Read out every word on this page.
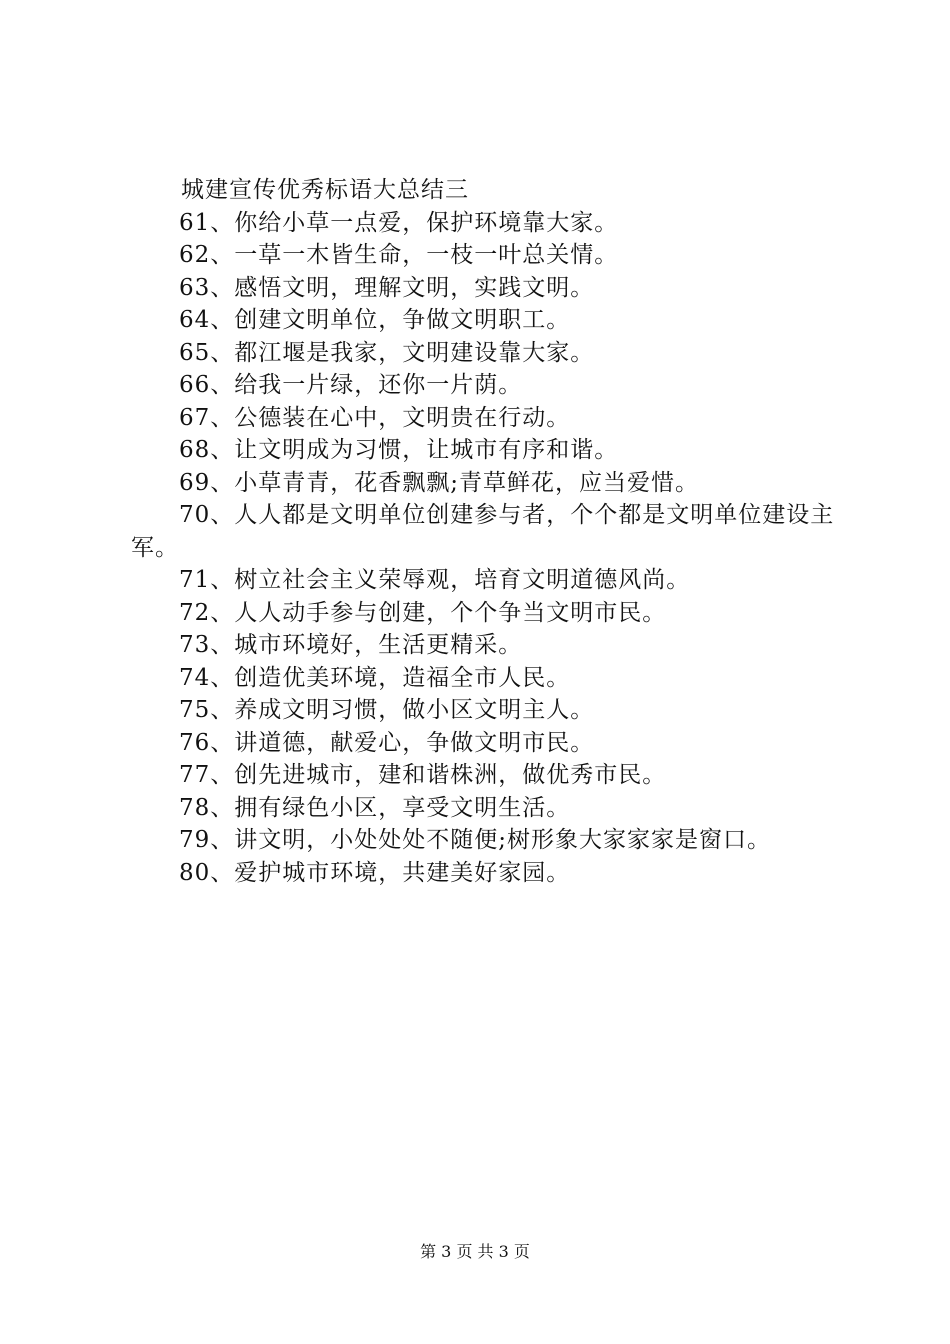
城建宣传优秀标语大总结三

61、你给小草一点爱，保护环境靠大家。

62、一草一木皆生命，一枝一叶总关情。

63、感悟文明，理解文明，实践文明。

64、创建文明单位，争做文明职工。

65、都江堰是我家，文明建设靠大家。

66、给我一片绿，还你一片荫。

67、公德装在心中，文明贵在行动。

68、让文明成为习惯，让城市有序和谐。

69、小草青青，花香飘飘;青草鲜花，应当爱惜。

70、人人都是文明单位创建参与者，个个都是文明单位建设主军。

71、树立社会主义荣辱观，培育文明道德风尚。

72、人人动手参与创建，个个争当文明市民。

73、城市环境好，生活更精采。

74、创造优美环境，造福全市人民。

75、养成文明习惯，做小区文明主人。

76、讲道德，献爱心，争做文明市民。

77、创先进城市，建和谐株洲，做优秀市民。

78、拥有绿色小区，享受文明生活。

79、讲文明，小处处处不随便;树形象大家家家是窗口。

80、爱护城市环境，共建美好家园。

第 3 页 共 3 页
